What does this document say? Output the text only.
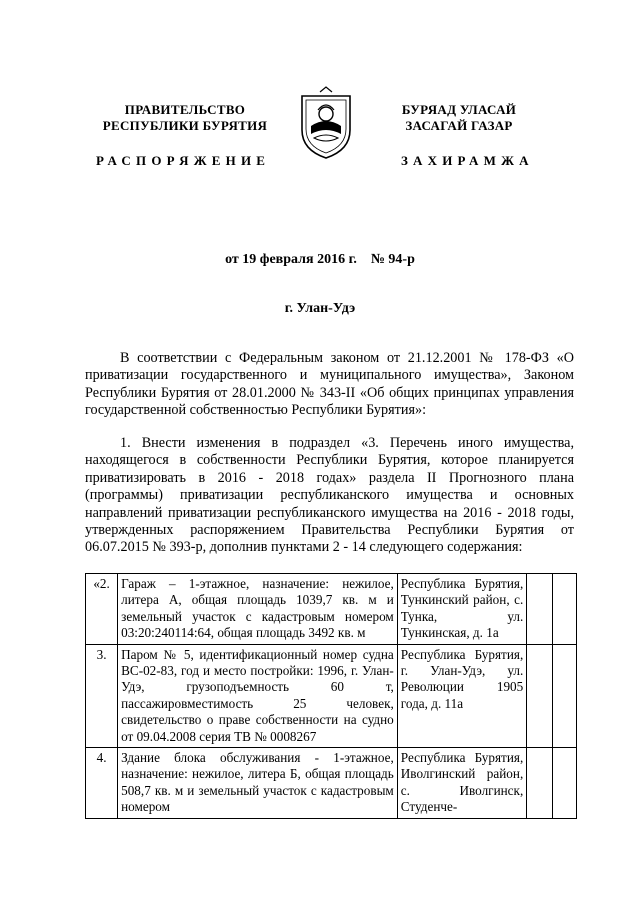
ПРАВИТЕЛЬСТВО
РЕСПУБЛИКИ БУРЯТИЯ
БУРЯАД УЛАСАЙ
ЗАСАГАЙ ГАЗАР
РАСПОРЯЖЕНИЕ	ЗАХИРАМЖА
от 19 февраля 2016 г.    № 94-р
г. Улан-Удэ
В соответствии с Федеральным законом от 21.12.2001 № 178-ФЗ «О приватизации государственного и муниципального имущества», Законом Республики Бурятия от 28.01.2000 № 343-II «Об общих принципах управления государственной собственностью Республики Бурятия»:
1. Внести изменения в подраздел «3. Перечень иного имущества, находящегося в собственности Республики Бурятия, которое планируется приватизировать в 2016 - 2018 годах» раздела II Прогнозного плана (программы) приватизации республиканского имущества и основных направлений приватизации республиканского имущества на 2016 - 2018 годы, утвержденных распоряжением Правительства Республики Бурятия от 06.07.2015 № 393-р, дополнив пунктами 2 - 14 следующего содержания:
«2.	Гараж – 1-этажное, назначение: нежилое, литера А, общая площадь 1039,7 кв. м и земельный участок с кадастровым номером 03:20:240114:64, общая площадь 3492 кв. м	Республика Бурятия, Тункинский район, с. Тунка, ул. Тункинская, д. 1а		
3.	Паром № 5, идентификационный номер судна ВС-02-83, год и место постройки: 1996, г. Улан-Удэ, грузоподъемность 60 т, пассажировместимость 25 человек, свидетельство о праве собственности на судно от 09.04.2008 серия ТВ № 0008267	Республика Бурятия, г. Улан-Удэ, ул. Революции 1905 года, д. 11а		
4.	Здание блока обслуживания - 1-этажное, назначение: нежилое, литера Б, общая площадь 508,7 кв. м и земельный участок с кадастровым номером	Республика Бурятия, Иволгинский район, с. Иволгинск, Студенче-		
